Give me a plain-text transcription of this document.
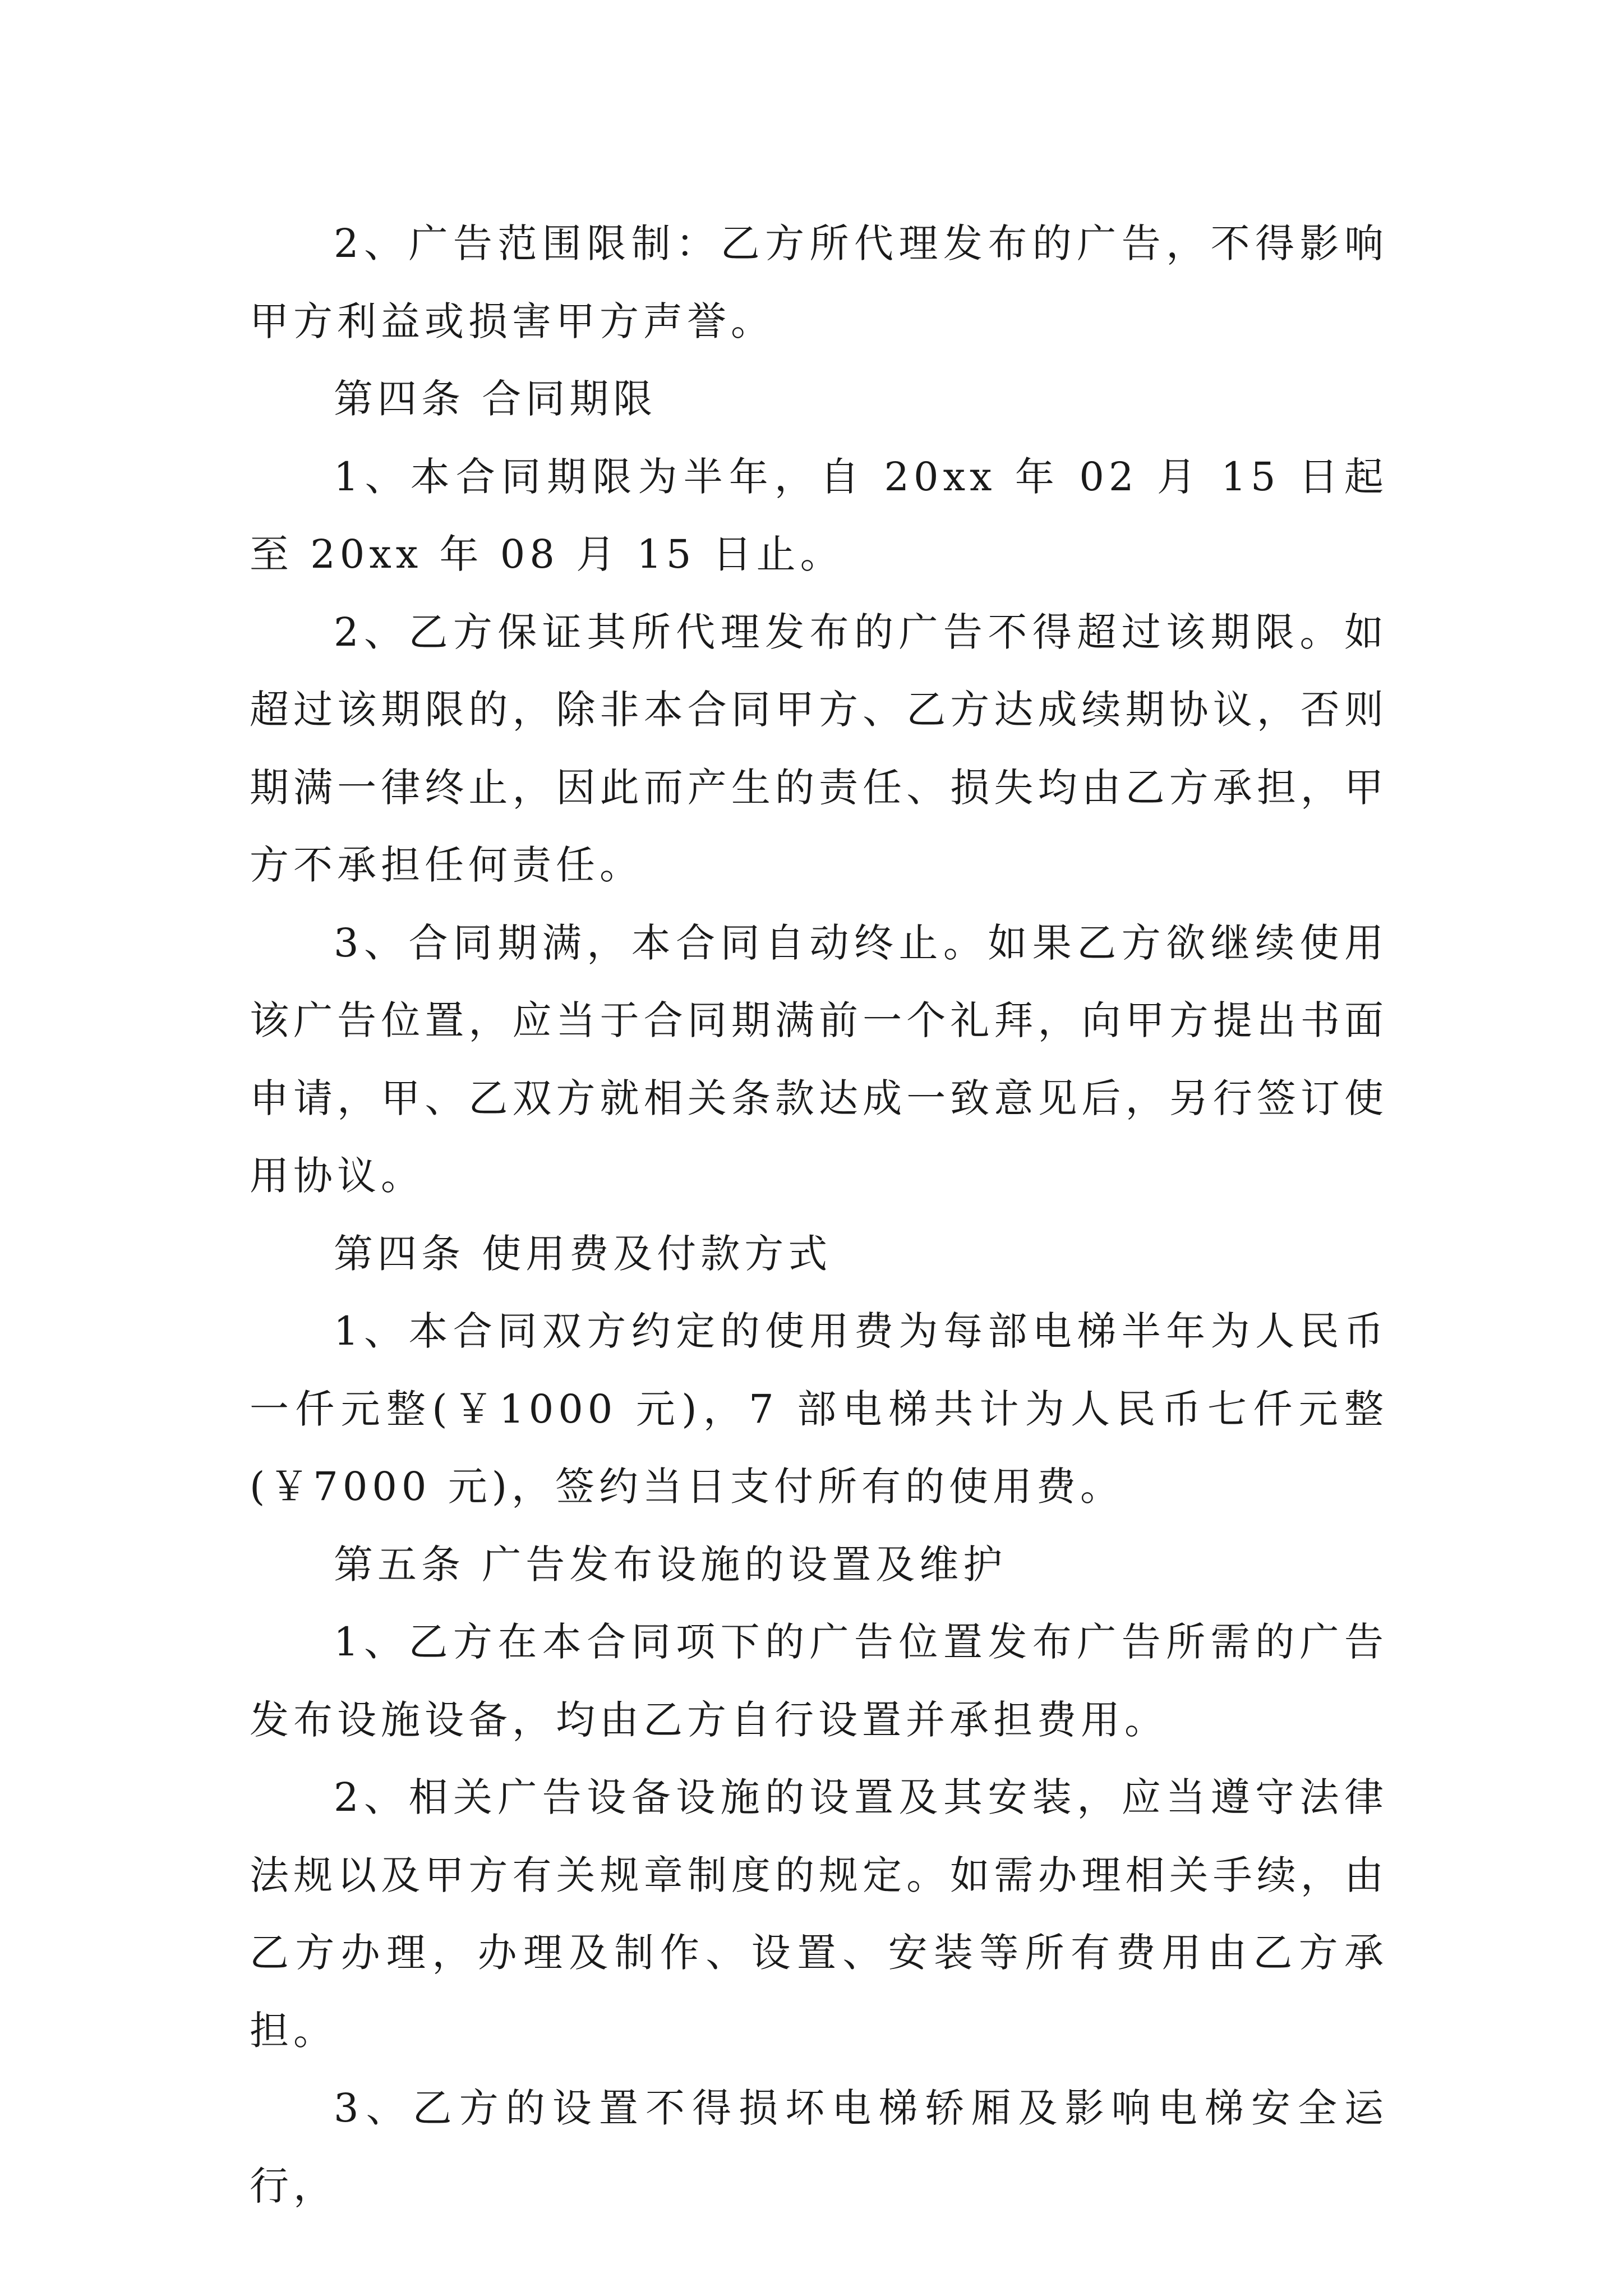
2、广告范围限制：乙方所代理发布的广告，不得影响甲方利益或损害甲方声誉。

第四条 合同期限

1、本合同期限为半年，自 20xx 年 02 月 15 日起至 20xx 年 08 月 15 日止。

2、乙方保证其所代理发布的广告不得超过该期限。如超过该期限的，除非本合同甲方、乙方达成续期协议，否则期满一律终止，因此而产生的责任、损失均由乙方承担，甲方不承担任何责任。

3、合同期满，本合同自动终止。如果乙方欲继续使用该广告位置，应当于合同期满前一个礼拜，向甲方提出书面申请，甲、乙双方就相关条款达成一致意见后，另行签订使用协议。

第四条 使用费及付款方式

1、本合同双方约定的使用费为每部电梯半年为人民币一仟元整(￥1000 元)，7 部电梯共计为人民币七仟元整(￥7000 元)，签约当日支付所有的使用费。

第五条 广告发布设施的设置及维护

1、乙方在本合同项下的广告位置发布广告所需的广告发布设施设备，均由乙方自行设置并承担费用。

2、相关广告设备设施的设置及其安装，应当遵守法律法规以及甲方有关规章制度的规定。如需办理相关手续，由乙方办理，办理及制作、设置、安装等所有费用由乙方承担。

3、乙方的设置不得损坏电梯轿厢及影响电梯安全运行，
